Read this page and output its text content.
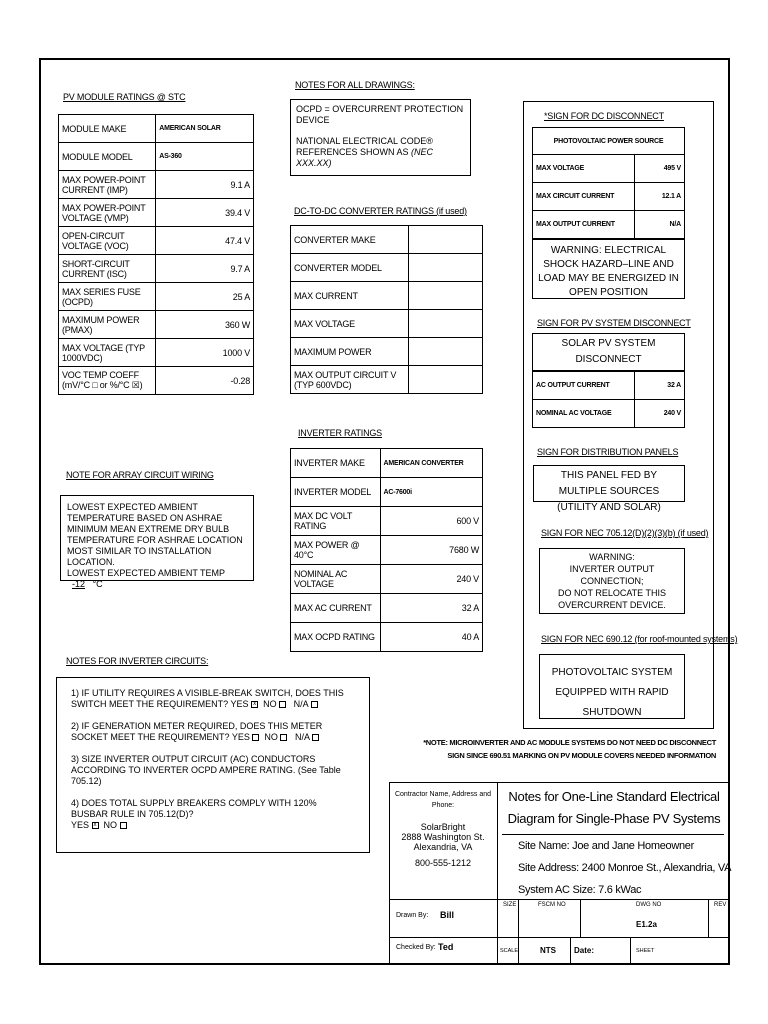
PV MODULE RATINGS @ STC
MODULE MAKE	AMERICAN SOLAR
MODULE MODEL	AS-360
MAX POWER-POINT CURRENT (IMP)	9.1 A
MAX POWER-POINT VOLTAGE (VMP)	39.4 V
OPEN-CIRCUIT VOLTAGE (VOC)	47.4 V
SHORT-CIRCUIT CURRENT (ISC)	9.7 A
MAX SERIES FUSE (OCPD)	25 A
MAXIMUM POWER (PMAX)	360 W
MAX VOLTAGE (TYP 1000VDC)	1000 V
VOC TEMP COEFF (mV/°C □ or %/°C ☒)	-0.28
NOTES FOR ALL DRAWINGS:
OCPD = OVERCURRENT PROTECTION DEVICE
NATIONAL ELECTRICAL CODE® REFERENCES SHOWN AS (NEC XXX.XX)
DC-TO-DC CONVERTER RATINGS (if used)
CONVERTER MAKE	
CONVERTER MODEL	
MAX CURRENT	
MAX VOLTAGE	
MAXIMUM POWER	
MAX OUTPUT CIRCUIT V (TYP 600VDC)	
INVERTER RATINGS
INVERTER MAKE	AMERICAN CONVERTER
INVERTER MODEL	AC-7600i
MAX DC VOLT RATING	600 V
MAX POWER @ 40°C	7680 W
NOMINAL AC VOLTAGE	240 V
MAX AC CURRENT	32 A
MAX OCPD RATING	40 A
NOTE FOR ARRAY CIRCUIT WIRING
LOWEST EXPECTED AMBIENT TEMPERATURE BASED ON ASHRAE MINIMUM MEAN EXTREME DRY BULB TEMPERATURE FOR ASHRAE LOCATION MOST SIMILAR TO INSTALLATION LOCATION.
LOWEST EXPECTED AMBIENT TEMP -12 °C
NOTES FOR INVERTER CIRCUITS:
1) IF UTILITY REQUIRES A VISIBLE-BREAK SWITCH, DOES THIS SWITCH MEET THE REQUIREMENT? YES x NO N/A
2) IF GENERATION METER REQUIRED, DOES THIS METER SOCKET MEET THE REQUIREMENT? YES NO N/A
3) SIZE INVERTER OUTPUT CIRCUIT (AC) CONDUCTORS ACCORDING TO INVERTER OCPD AMPERE RATING. (See Table 705.12)
4) DOES TOTAL SUPPLY BREAKERS COMPLY WITH 120% BUSBAR RULE IN 705.12(D)?
YES x NO
*SIGN FOR DC DISCONNECT
PHOTOVOLTAIC POWER SOURCE	
MAX VOLTAGE	495 V
MAX CIRCUIT CURRENT	12.1 A
MAX OUTPUT CURRENT	N/A
WARNING: ELECTRICAL SHOCK HAZARD–LINE AND LOAD MAY BE ENERGIZED IN OPEN POSITION
SIGN FOR PV SYSTEM DISCONNECT
SOLAR PV SYSTEM DISCONNECT
AC OUTPUT CURRENT	32 A
NOMINAL AC VOLTAGE	240 V
SIGN FOR DISTRIBUTION PANELS
THIS PANEL FED BY MULTIPLE SOURCES (UTILITY AND SOLAR)
SIGN FOR NEC 705.12(D)(2)(3)(b) (if used)
WARNING:
INVERTER OUTPUT CONNECTION;
DO NOT RELOCATE THIS
OVERCURRENT DEVICE.
SIGN FOR NEC 690.12 (for roof-mounted systems)
PHOTOVOLTAIC SYSTEM
EQUIPPED WITH RAPID SHUTDOWN
*NOTE: MICROINVERTER AND AC MODULE SYSTEMS DO NOT NEED DC DISCONNECT
SIGN SINCE 690.51 MARKING ON PV MODULE COVERS NEEDED INFORMATION
Contractor Name, Address and Phone:
SolarBright
2888 Washington St.
Alexandria, VA
800-555-1212
Notes for One-Line Standard Electrical
Diagram for Single-Phase PV Systems
Site Name: Joe and Jane Homeowner
Site Address: 2400 Monroe St., Alexandria, VA
System AC Size: 7.6 kWac
Drawn By: Bill
Checked By: Ted
SIZE	FSCM NO	DWG NO
E1.2a
REV
SCALE	NTS Date:	SHEET
